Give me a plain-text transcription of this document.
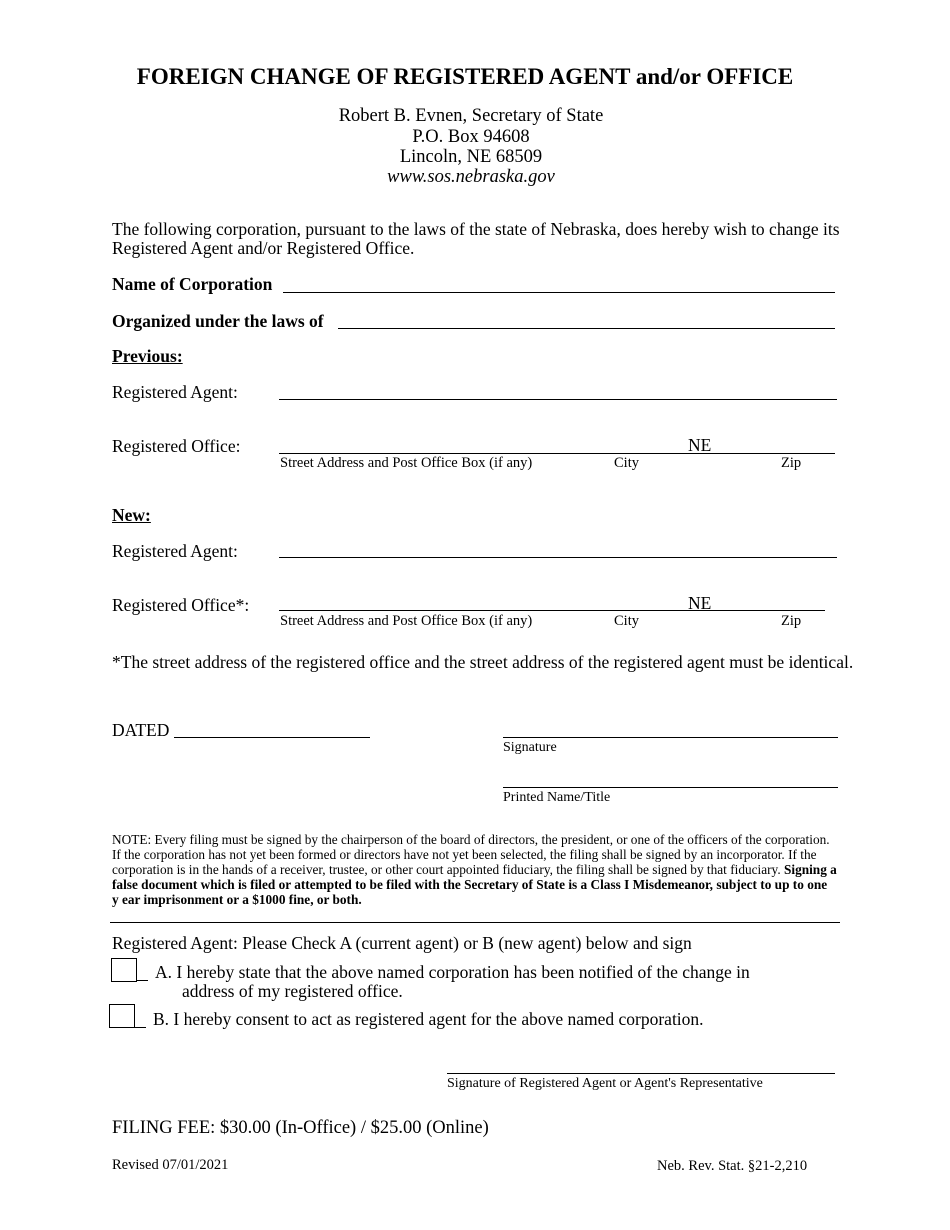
FOREIGN CHANGE OF REGISTERED AGENT and/or OFFICE
Robert B. Evnen, Secretary of State
P.O. Box 94608
Lincoln, NE 68509
www.sos.nebraska.gov
The following corporation, pursuant to the laws of the state of Nebraska, does hereby wish to change its Registered Agent and/or Registered Office.
Name of Corporation
Organized under the laws of
Previous:
Registered Agent:
Registered Office:	NE
Street Address and Post Office Box (if any)	City	Zip
New:
Registered Agent:
Registered Office*:	NE
Street Address and Post Office Box (if any)	City	Zip
*The street address of the registered office and the street address of the registered agent must be identical.
DATED
Signature
Printed Name/Title
NOTE: Every filing must be signed by the chairperson of the board of directors, the president, or one of the officers of the corporation. If the corporation has not yet been formed or directors have not yet been selected, the filing shall be signed by an incorporator. If the corporation is in the hands of a receiver, trustee, or other court appointed fiduciary, the filing shall be signed by that fiduciary. Signing a false document which is filed or attempted to be filed with the Secretary of State is a Class I Misdemeanor, subject to up to one y ear imprisonment or a $1000 fine, or both.
Registered Agent: Please Check A (current agent) or B (new agent) below and sign
A. I hereby state that the above named corporation has been notified of the change in
address of my registered office.
B. I hereby consent to act as registered agent for the above named corporation.
Signature of Registered Agent or Agent's Representative
FILING FEE: $30.00 (In-Office) / $25.00 (Online)
Revised 07/01/2021	Neb. Rev. Stat. §21-2,210
